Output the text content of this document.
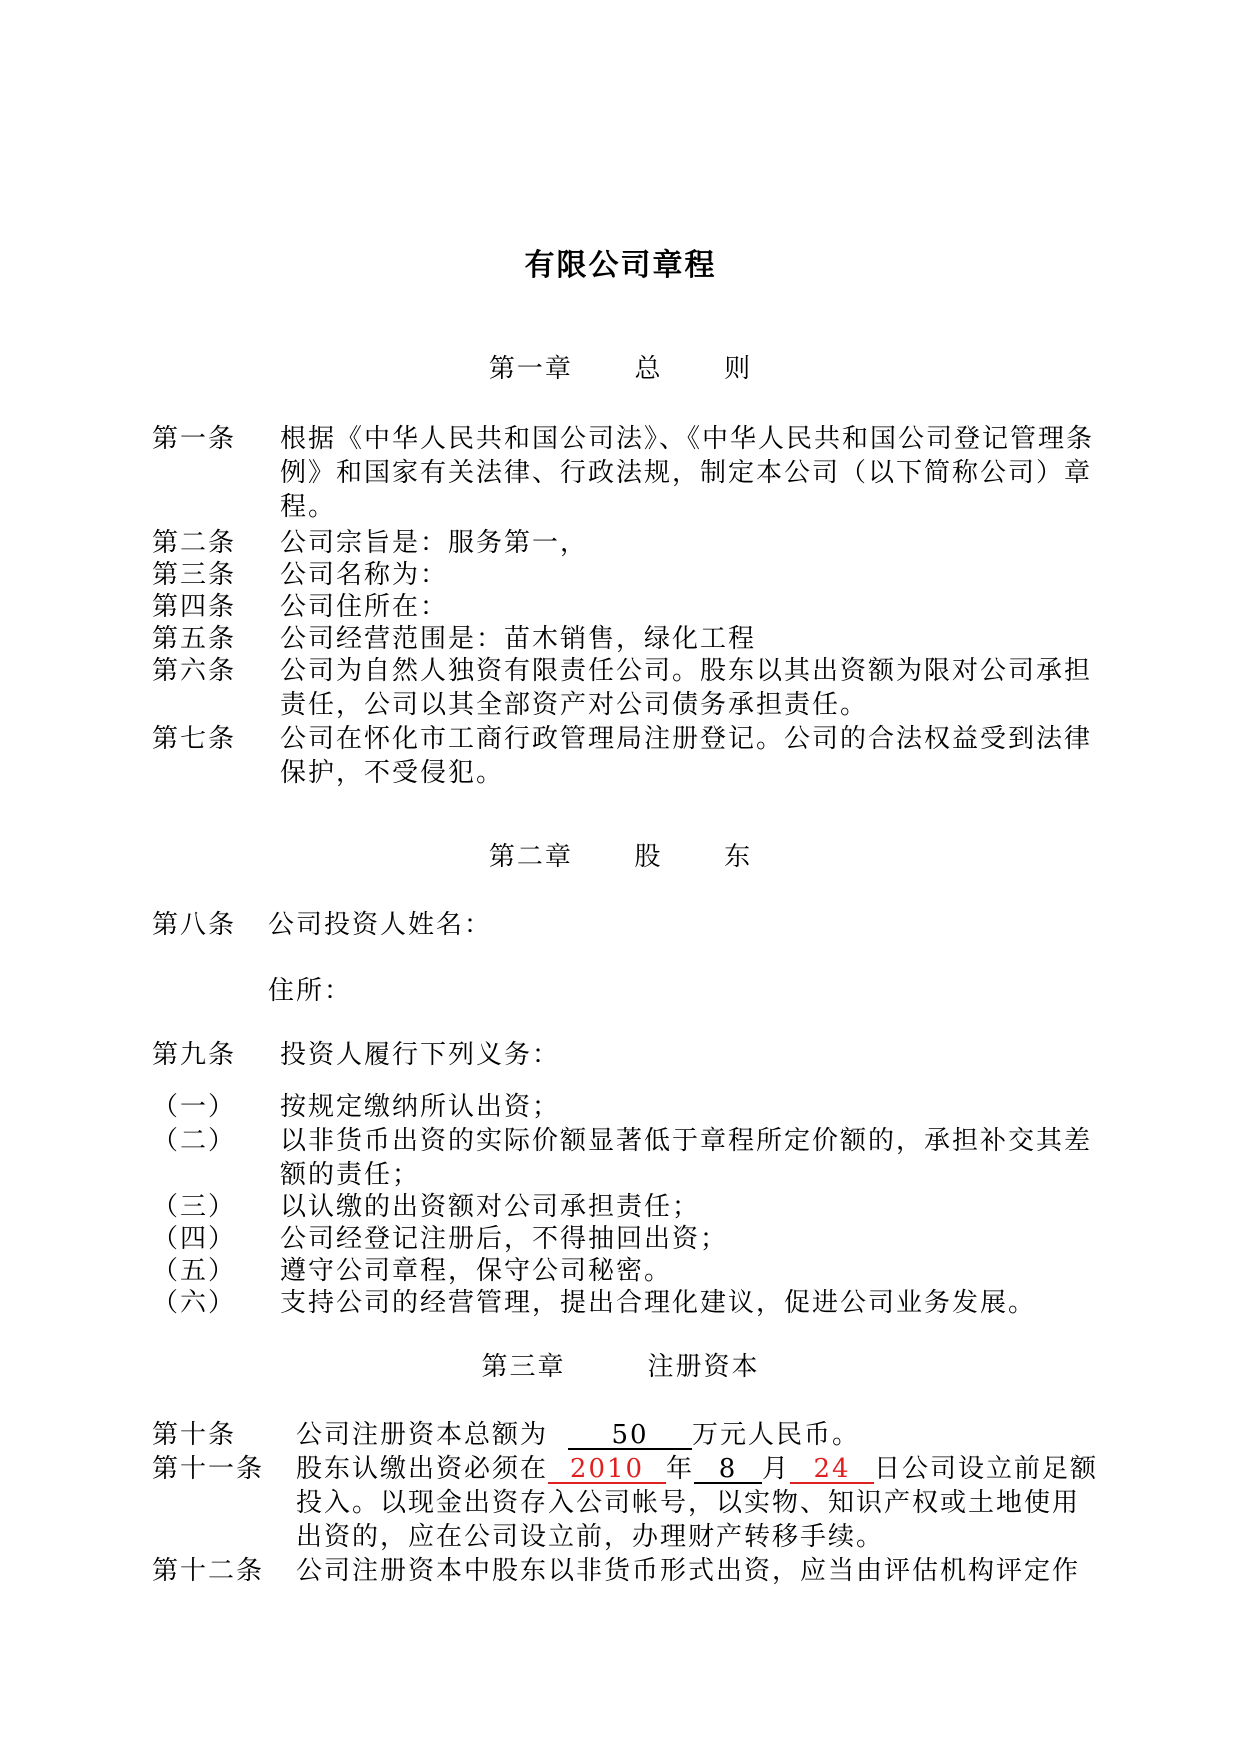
有限公司章程
第一章      总      则
第一条 根据《中华人民共和国公司法》、《中华人民共和国公司登记管理条
例》和国家有关法律、行政法规，制定本公司（以下简称公司）章
程。
第二条 公司宗旨是：服务第一，
第三条 公司名称为：
第四条 公司住所在：
第五条 公司经营范围是：苗木销售，绿化工程
第六条 公司为自然人独资有限责任公司。股东以其出资额为限对公司承担
责任，公司以其全部资产对公司债务承担责任。
第七条 公司在怀化市工商行政管理局注册登记。公司的合法权益受到法律
保护，不受侵犯。
第二章      股      东
第八条 公司投资人姓名：
住所：
第九条 投资人履行下列义务：
（一） 按规定缴纳所认出资；
（二） 以非货币出资的实际价额显著低于章程所定价额的，承担补交其差
额的责任；
（三） 以认缴的出资额对公司承担责任；
（四） 公司经登记注册后，不得抽回出资；
（五） 遵守公司章程，保守公司秘密。
（六） 支持公司的经营管理，提出合理化建议，促进公司业务发展。
第三章        注册资本
第十条 公司注册资本总额为 50 万元人民币。
第十一条 股东认缴出资必须在 2010 年 8 月 24 日公司设立前足额
投入。以现金出资存入公司帐号，以实物、知识产权或土地使用
出资的，应在公司设立前，办理财产转移手续。
第十二条 公司注册资本中股东以非货币形式出资，应当由评估机构评定作
